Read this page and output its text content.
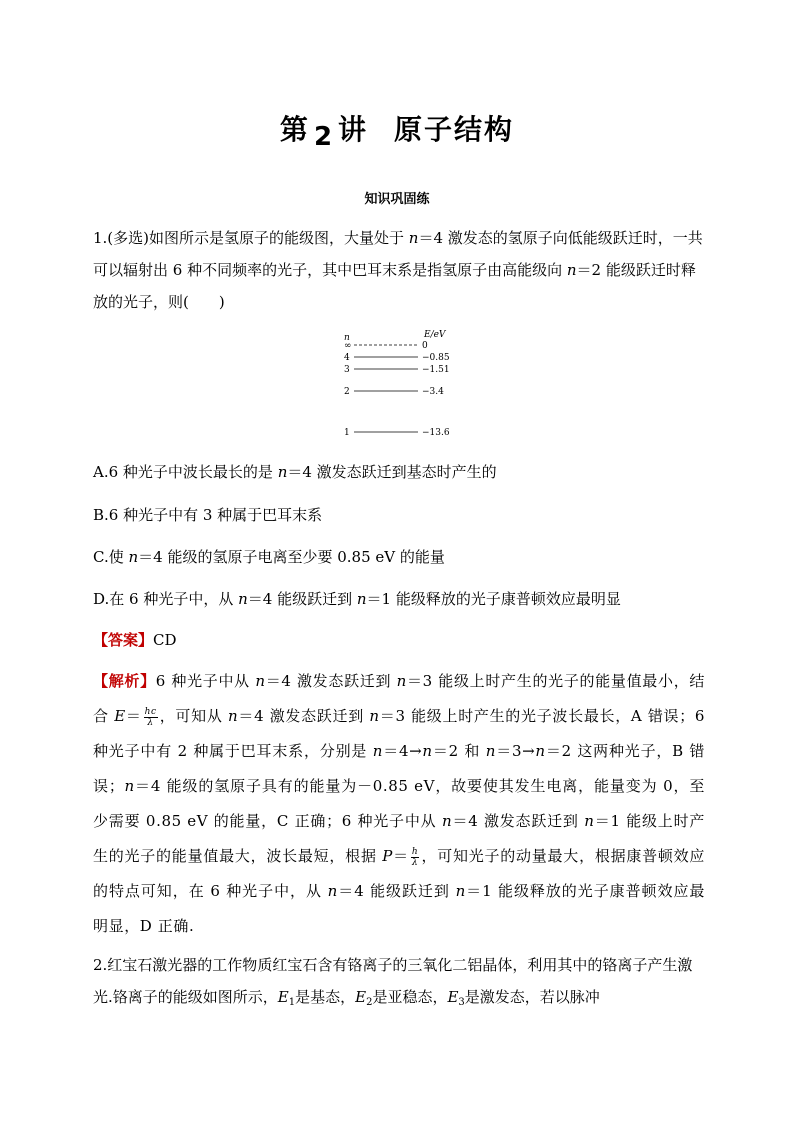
第 2 讲 原子结构
知识巩固练

1.(多选)如图所示是氢原子的能级图，大量处于 n＝4 激发态的氢原子向低能级跃迁时，一共可以辐射出 6 种不同频率的光子，其中巴耳末系是指氢原子由高能级向 n＝2 能级跃迁时释放的光子，则(　　)

n	E/eV
∞	0
4	−0.85
3	−1.51
2	−3.4
1	−13.6
A.6 种光子中波长最长的是 n＝4 激发态跃迁到基态时产生的
B.6 种光子中有 3 种属于巴耳末系
C.使 n＝4 能级的氢原子电离至少要 0.85 eV 的能量
D.在 6 种光子中，从 n＝4 能级跃迁到 n＝1 能级释放的光子康普顿效应最明显
【答案】CD

【解析】6 种光子中从 n＝4 激发态跃迁到 n＝3 能级上时产生的光子的能量值最小，结合 $E= \frac{hc}{\lambda}$ ，可知从 n＝4 激发态跃迁到 n＝3 能级上时产生的光子波长最长，A 错误；6 种光子中有 2 种属于巴耳末系，分别是 n＝4→n＝2 和 n＝3→n＝2 这两种光子，B 错误；n＝4 能级的氢原子具有的能量为－0.85 eV，故要使其发生电离，能量变为 0，至少需要 0.85 eV 的能量，C 正确；6 种光子中从 n＝4 激发态跃迁到 n＝1 能级上时产生的光子的能量值最大，波长最短，根据 $P= \frac{h}{\lambda}$ ，可知光子的动量最大，根据康普顿效应的特点可知，在 6 种光子中，从 n＝4 能级跃迁到 n＝1 能级释放的光子康普顿效应最明显，D 正确.

2.红宝石激光器的工作物质红宝石含有铬离子的三氧化二铝晶体，利用其中的铬离子产生激光.铬离子的能级如图所示，$E_1$是基态，$E_2$是亚稳态，$E_3$是激发态，若以脉冲
